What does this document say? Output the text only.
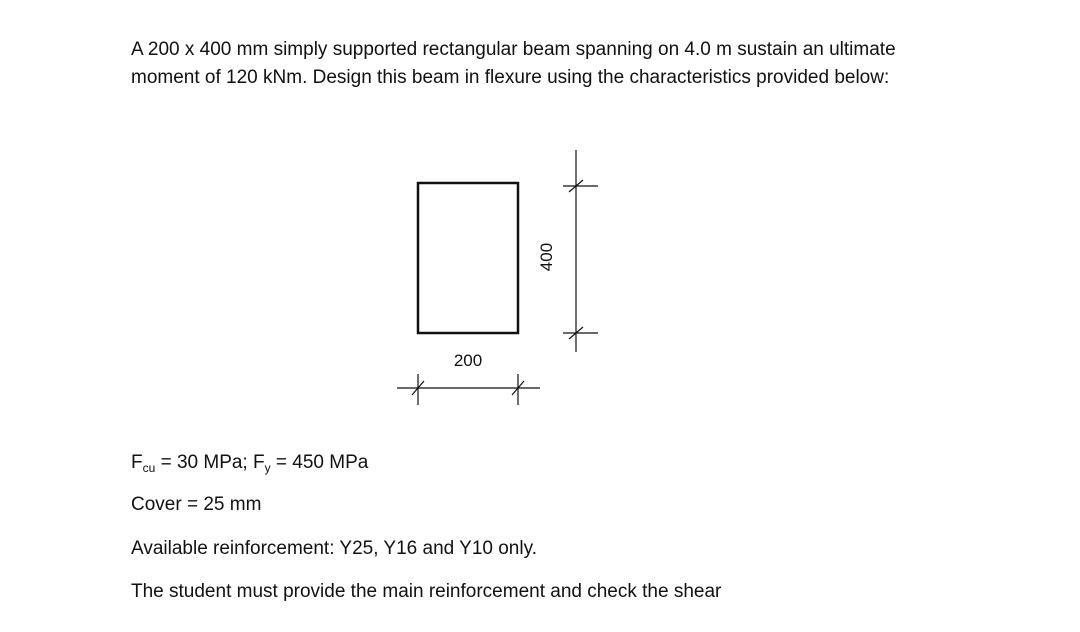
A 200 x 400 mm simply supported rectangular beam spanning on 4.0 m sustain an ultimate
moment of 120 kNm. Design this beam in flexure using the characteristics provided below:
400
200

$F_{cu} = 30$ MPa; $F_y = 450$ MPa

Cover = 25 mm

Available reinforcement: Y25, Y16 and Y10 only.

The student must provide the main reinforcement and check the shear
